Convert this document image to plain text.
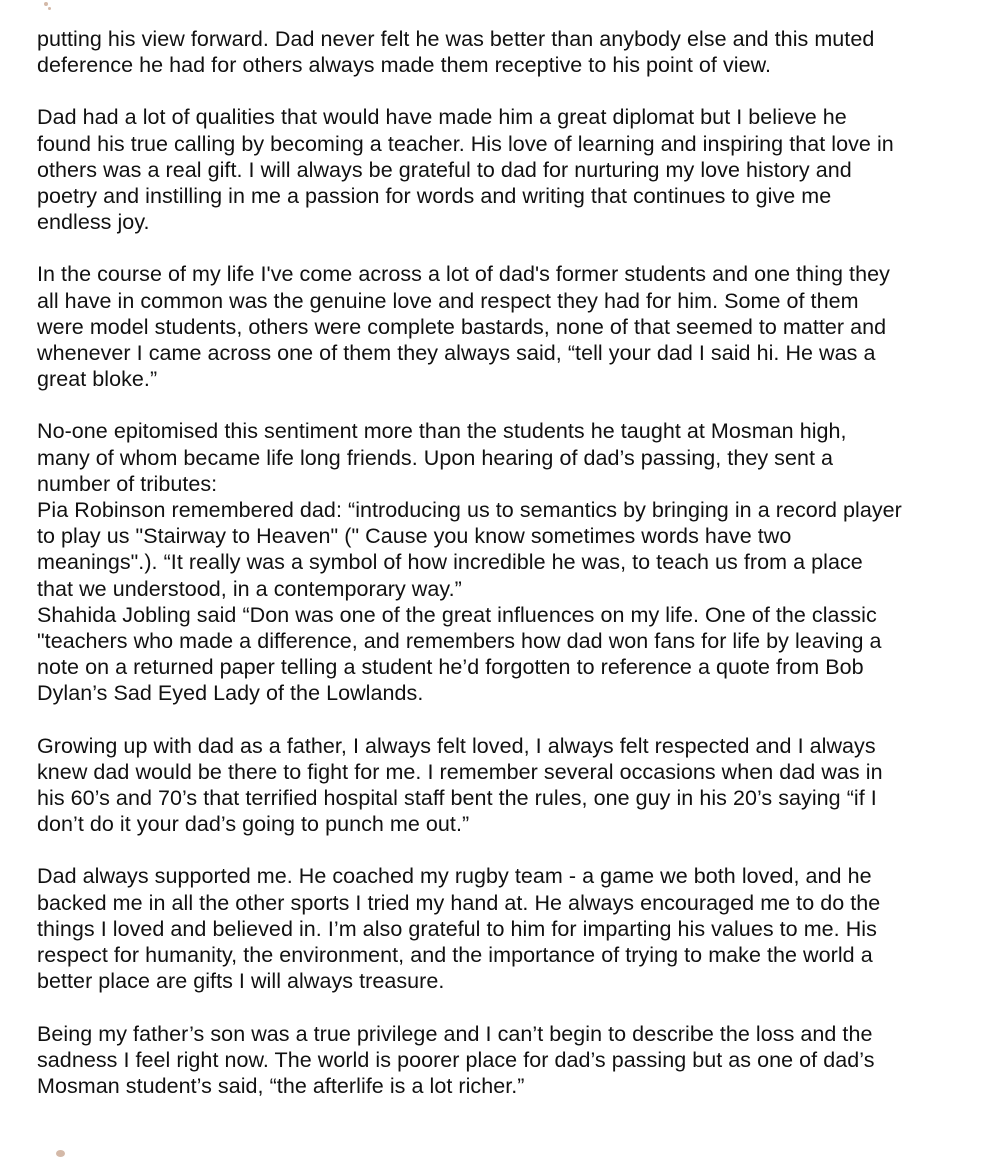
putting his view forward. Dad never felt he was better than anybody else and this muted
deference he had for others always made them receptive to his point of view.
Dad had a lot of qualities that would have made him a great diplomat but I believe he
found his true calling by becoming a teacher. His love of learning and inspiring that love in
others was a real gift. I will always be grateful to dad for nurturing my love history and
poetry and instilling in me a passion for words and writing that continues to give me
endless joy.
In the course of my life I've come across a lot of dad's former students and one thing they
all have in common was the genuine love and respect they had for him. Some of them
were model students, others were complete bastards, none of that seemed to matter and
whenever I came across one of them they always said, “tell your dad I said hi. He was a
great bloke.”
No-one epitomised this sentiment more than the students he taught at Mosman high,
many of whom became life long friends. Upon hearing of dad’s passing, they sent a
number of tributes:
Pia Robinson remembered dad: “introducing us to semantics by bringing in a record player
to play us "Stairway to Heaven" (" Cause you know sometimes words have two
meanings".). “It really was a symbol of how incredible he was, to teach us from a place
that we understood, in a contemporary way.”
Shahida Jobling said “Don was one of the great influences on my life. One of the classic
"teachers who made a difference, and remembers how dad won fans for life by leaving a
note on a returned paper telling a student he’d forgotten to reference a quote from Bob
Dylan’s Sad Eyed Lady of the Lowlands.
Growing up with dad as a father, I always felt loved, I always felt respected and I always
knew dad would be there to fight for me. I remember several occasions when dad was in
his 60’s and 70’s that terrified hospital staff bent the rules, one guy in his 20’s saying “if I
don’t do it your dad’s going to punch me out.”
Dad always supported me. He coached my rugby team - a game we both loved, and he
backed me in all the other sports I tried my hand at. He always encouraged me to do the
things I loved and believed in. I’m also grateful to him for imparting his values to me. His
respect for humanity, the environment, and the importance of trying to make the world a
better place are gifts I will always treasure.
Being my father’s son was a true privilege and I can’t begin to describe the loss and the
sadness I feel right now. The world is poorer place for dad’s passing but as one of dad’s
Mosman student’s said, “the afterlife is a lot richer.”
